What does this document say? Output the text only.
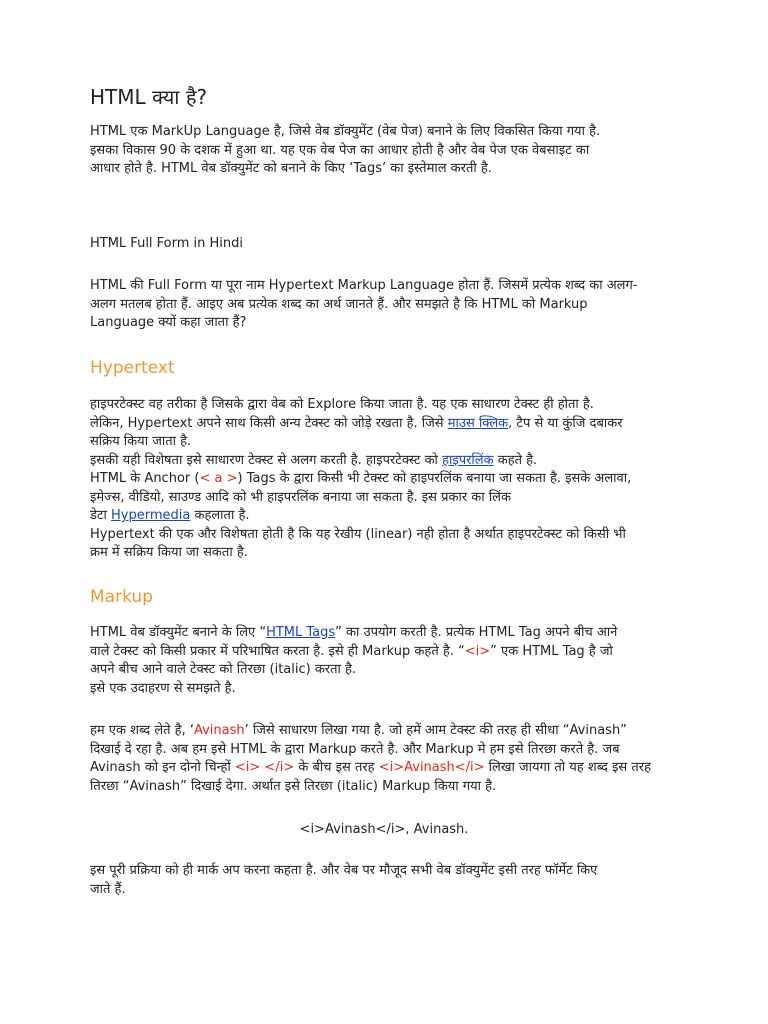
HTML क्या है?

HTML एक MarkUp Language है, जिसे वेब डॉक्युमेंट (वेब पेज) बनाने के लिए विकसित किया गया है.

इसका विकास 90 के दशक में हुआ था. यह एक वेब पेज का आधार होती है और वेब पेज एक वेबसाइट का

आधार होते है. HTML वेब डॉक्युमेंट को बनाने के किए ‘Tags’ का इस्तेमाल करती है.

HTML Full Form in Hindi

HTML की Full Form या पूरा नाम Hypertext Markup Language होता हैं. जिसमें प्रत्येक शब्द का अलग-

अलग मतलब होता हैं. आइए अब प्रत्येक शब्द का अर्थ जानते हैं. और समझते है कि HTML को Markup

Language क्यों कहा जाता हैं?

Hypertext

हाइपरटेक्स्ट वह तरीका है जिसके द्वारा वेब को Explore किया जाता है. यह एक साधारण टेक्स्ट ही होता है.

लेकिन, Hypertext अपने साथ किसी अन्य टेक्स्ट को जोड़े रखता है. जिसे माउस क्लिक, टैप से या कुंजि दबाकर

सक्रिय किया जाता है.

इसकी यही विशेषता इसे साधारण टेक्स्ट से अलग करती है. हाइपरटेक्स्ट को हाइपरलिंक कहते है.

HTML के Anchor (< a >) Tags के द्वारा किसी भी टेक्स्ट को हाइपरलिंक बनाया जा सकता है. इसके अलावा,

इमेज्स, वीडियो, साउण्ड आदि को भी हाइपरलिंक बनाया जा सकता है. इस प्रकार का लिंक

डेटा Hypermedia कहलाता है.

Hypertext की एक और विशेषता होती है कि यह रेखीय (linear) नही होता है अर्थात हाइपरटेक्स्ट को किसी भी

क्रम में सक्रिय किया जा सकता है.

Markup

HTML वेब डॉक्युमेंट बनाने के लिए “HTML Tags” का उपयोग करती है. प्रत्येक HTML Tag अपने बीच आने

वाले टेक्स्ट को किसी प्रकार में परिभाषित करता है. इसे ही Markup कहते है. “<i>” एक HTML Tag है जो

अपने बीच आने वाले टेक्स्ट को तिरछा (italic) करता है.

इसे एक उदाहरण से समझते है.

हम एक शब्द लेते है, ‘Avinash’ जिसे साधारण लिखा गया है. जो हमें आम टेक्स्ट की तरह ही सीधा “Avinash”

दिखाई दे रहा है. अब हम इसे HTML के द्वारा Markup करते है. और Markup मे हम इसे तिरछा करते है. जब

Avinash को इन दोनो चिन्हों <i> </i> के बीच इस तरह <i>Avinash</i> लिखा जायगा तो यह शब्द इस तरह

तिरछा “Avinash” दिखाई देगा. अर्थात इसे तिरछा (italic) Markup किया गया है.

<i>Avinash</i>, Avinash.

इस पूरी प्रक्रिया को ही मार्क अप करना कहता है. और वेब पर मौजूद सभी वेब डॉक्युमेंट इसी तरह फॉर्मेट किए

जाते हैं.
